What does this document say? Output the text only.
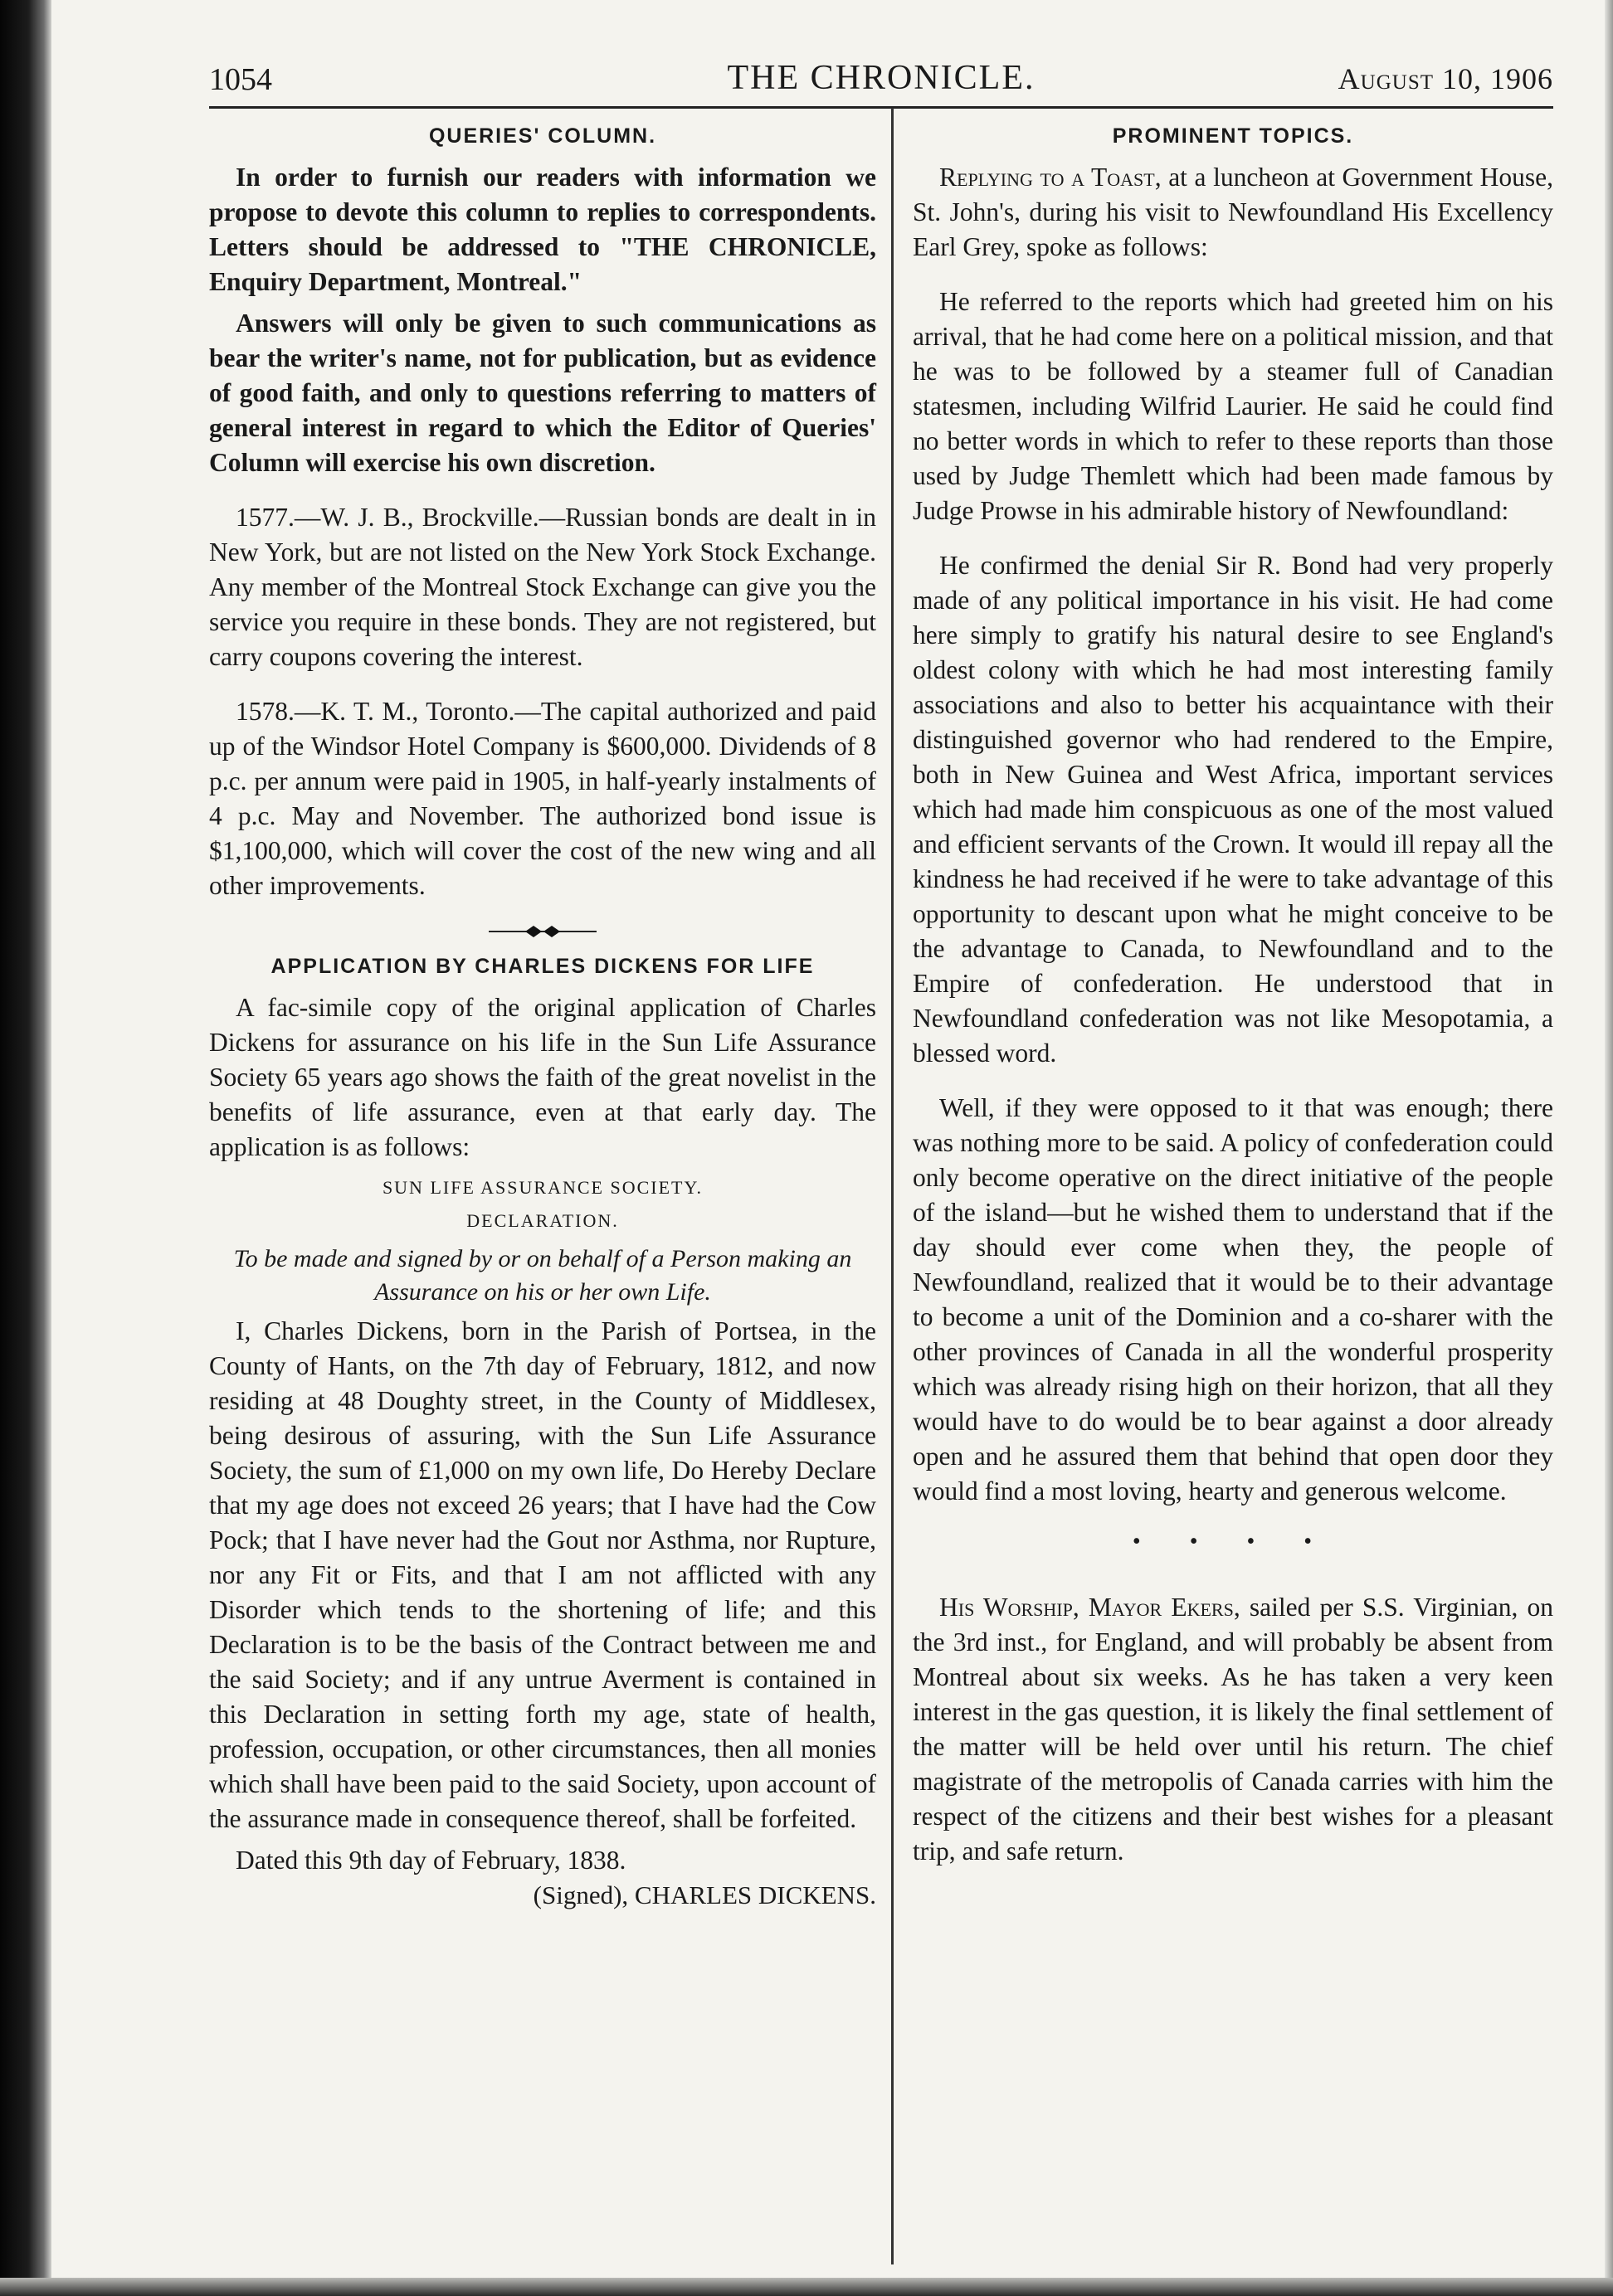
1054	THE CHRONICLE.	August 10, 1906
QUERIES' COLUMN.

In order to furnish our readers with information we propose to devote this column to replies to correspondents. Letters should be addressed to "THE CHRONICLE, Enquiry Department, Montreal."

Answers will only be given to such communications as bear the writer's name, not for publication, but as evidence of good faith, and only to questions referring to matters of general interest in regard to which the Editor of Queries' Column will exercise his own discretion.

1577.—W. J. B., Brockville.—Russian bonds are dealt in in New York, but are not listed on the New York Stock Exchange. Any member of the Montreal Stock Exchange can give you the service you require in these bonds. They are not registered, but carry coupons covering the interest.

1578.—K. T. M., Toronto.—The capital authorized and paid up of the Windsor Hotel Company is $600,000. Dividends of 8 p.c. per annum were paid in 1905, in half-yearly instalments of 4 p.c. May and November. The authorized bond issue is $1,100,000, which will cover the cost of the new wing and all other improvements.

APPLICATION BY CHARLES DICKENS FOR LIFE

A fac-simile copy of the original application of Charles Dickens for assurance on his life in the Sun Life Assurance Society 65 years ago shows the faith of the great novelist in the benefits of life assurance, even at that early day. The application is as follows:

SUN LIFE ASSURANCE SOCIETY.
DECLARATION.

To be made and signed by or on behalf of a Person making an Assurance on his or her own Life.

I, Charles Dickens, born in the Parish of Portsea, in the County of Hants, on the 7th day of February, 1812, and now residing at 48 Doughty street, in the County of Middlesex, being desirous of assuring, with the Sun Life Assurance Society, the sum of £1,000 on my own life, Do Hereby Declare that my age does not exceed 26 years; that I have had the Cow Pock; that I have never had the Gout nor Asthma, nor Rupture, nor any Fit or Fits, and that I am not afflicted with any Disorder which tends to the shortening of life; and this Declaration is to be the basis of the Contract between me and the said Society; and if any untrue Averment is contained in this Declaration in setting forth my age, state of health, profession, occupation, or other circumstances, then all monies which shall have been paid to the said Society, upon account of the assurance made in consequence thereof, shall be forfeited.

Dated this 9th day of February, 1838.

(Signed), CHARLES DICKENS.

PROMINENT TOPICS.

Replying to a Toast, at a luncheon at Government House, St. John's, during his visit to Newfoundland His Excellency Earl Grey, spoke as follows:

He referred to the reports which had greeted him on his arrival, that he had come here on a political mission, and that he was to be followed by a steamer full of Canadian statesmen, including Wilfrid Laurier. He said he could find no better words in which to refer to these reports than those used by Judge Themlett which had been made famous by Judge Prowse in his admirable history of Newfoundland:

He confirmed the denial Sir R. Bond had very properly made of any political importance in his visit. He had come here simply to gratify his natural desire to see England's oldest colony with which he had most interesting family associations and also to better his acquaintance with their distinguished governor who had rendered to the Empire, both in New Guinea and West Africa, important services which had made him conspicuous as one of the most valued and efficient servants of the Crown. It would ill repay all the kindness he had received if he were to take advantage of this opportunity to descant upon what he might conceive to be the advantage to Canada, to Newfoundland and to the Empire of confederation. He understood that in Newfoundland confederation was not like Mesopotamia, a blessed word.

Well, if they were opposed to it that was enough; there was nothing more to be said. A policy of confederation could only become operative on the direct initiative of the people of the island—but he wished them to understand that if the day should ever come when they, the people of Newfoundland, realized that it would be to their advantage to become a unit of the Dominion and a co-sharer with the other provinces of Canada in all the wonderful prosperity which was already rising high on their horizon, that all they would have to do would be to bear against a door already open and he assured them that behind that open door they would find a most loving, hearty and generous welcome.

• • • •

His Worship, Mayor Ekers, sailed per S.S. Virginian, on the 3rd inst., for England, and will probably be absent from Montreal about six weeks. As he has taken a very keen interest in the gas question, it is likely the final settlement of the matter will be held over until his return. The chief magistrate of the metropolis of Canada carries with him the respect of the citizens and their best wishes for a pleasant trip, and safe return.
